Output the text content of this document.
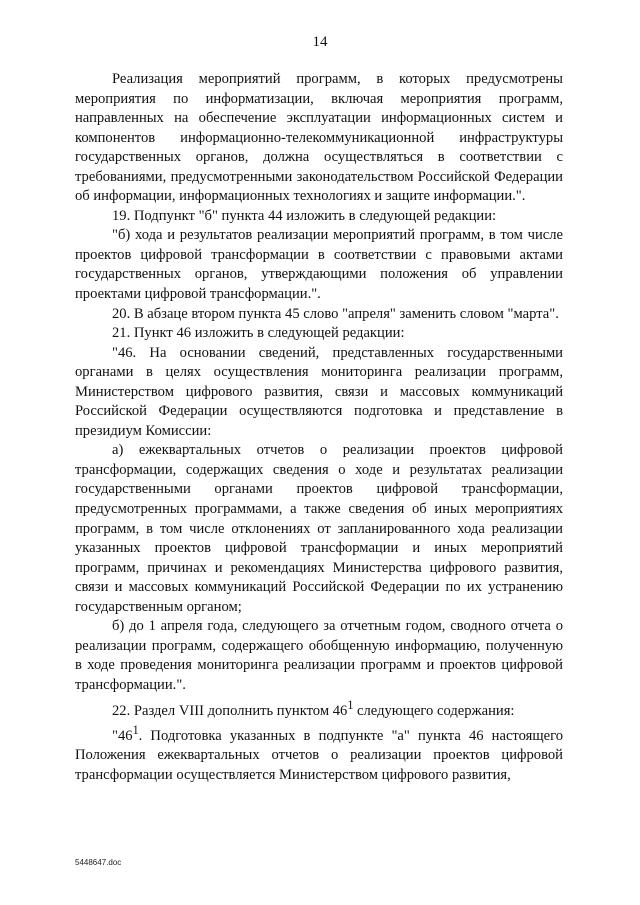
14

Реализация мероприятий программ, в которых предусмотрены мероприятия по информатизации, включая мероприятия программ, направленных на обеспечение эксплуатации информационных систем и компонентов информационно-телекоммуникационной инфраструктуры государственных органов, должна осуществляться в соответствии с требованиями, предусмотренными законодательством Российской Федерации об информации, информационных технологиях и защите информации.".

19. Подпункт "б" пункта 44 изложить в следующей редакции:

"б) хода и результатов реализации мероприятий программ, в том числе проектов цифровой трансформации в соответствии с правовыми актами государственных органов, утверждающими положения об управлении проектами цифровой трансформации.".

20. В абзаце втором пункта 45 слово "апреля" заменить словом "марта".

21. Пункт 46 изложить в следующей редакции:

"46. На основании сведений, представленных государственными органами в целях осуществления мониторинга реализации программ, Министерством цифрового развития, связи и массовых коммуникаций Российской Федерации осуществляются подготовка и представление в президиум Комиссии:

а) ежеквартальных отчетов о реализации проектов цифровой трансформации, содержащих сведения о ходе и результатах реализации государственными органами проектов цифровой трансформации, предусмотренных программами, а также сведения об иных мероприятиях программ, в том числе отклонениях от запланированного хода реализации указанных проектов цифровой трансформации и иных мероприятий программ, причинах и рекомендациях Министерства цифрового развития, связи и массовых коммуникаций Российской Федерации по их устранению государственным органом;

б) до 1 апреля года, следующего за отчетным годом, сводного отчета о реализации программ, содержащего обобщенную информацию, полученную в ходе проведения мониторинга реализации программ и проектов цифровой трансформации.".

22. Раздел VIII дополнить пунктом $46^1$ следующего содержания:

"$46^1$. Подготовка указанных в подпункте "а" пункта 46 настоящего Положения ежеквартальных отчетов о реализации проектов цифровой трансформации осуществляется Министерством цифрового развития,

5448647.doc
